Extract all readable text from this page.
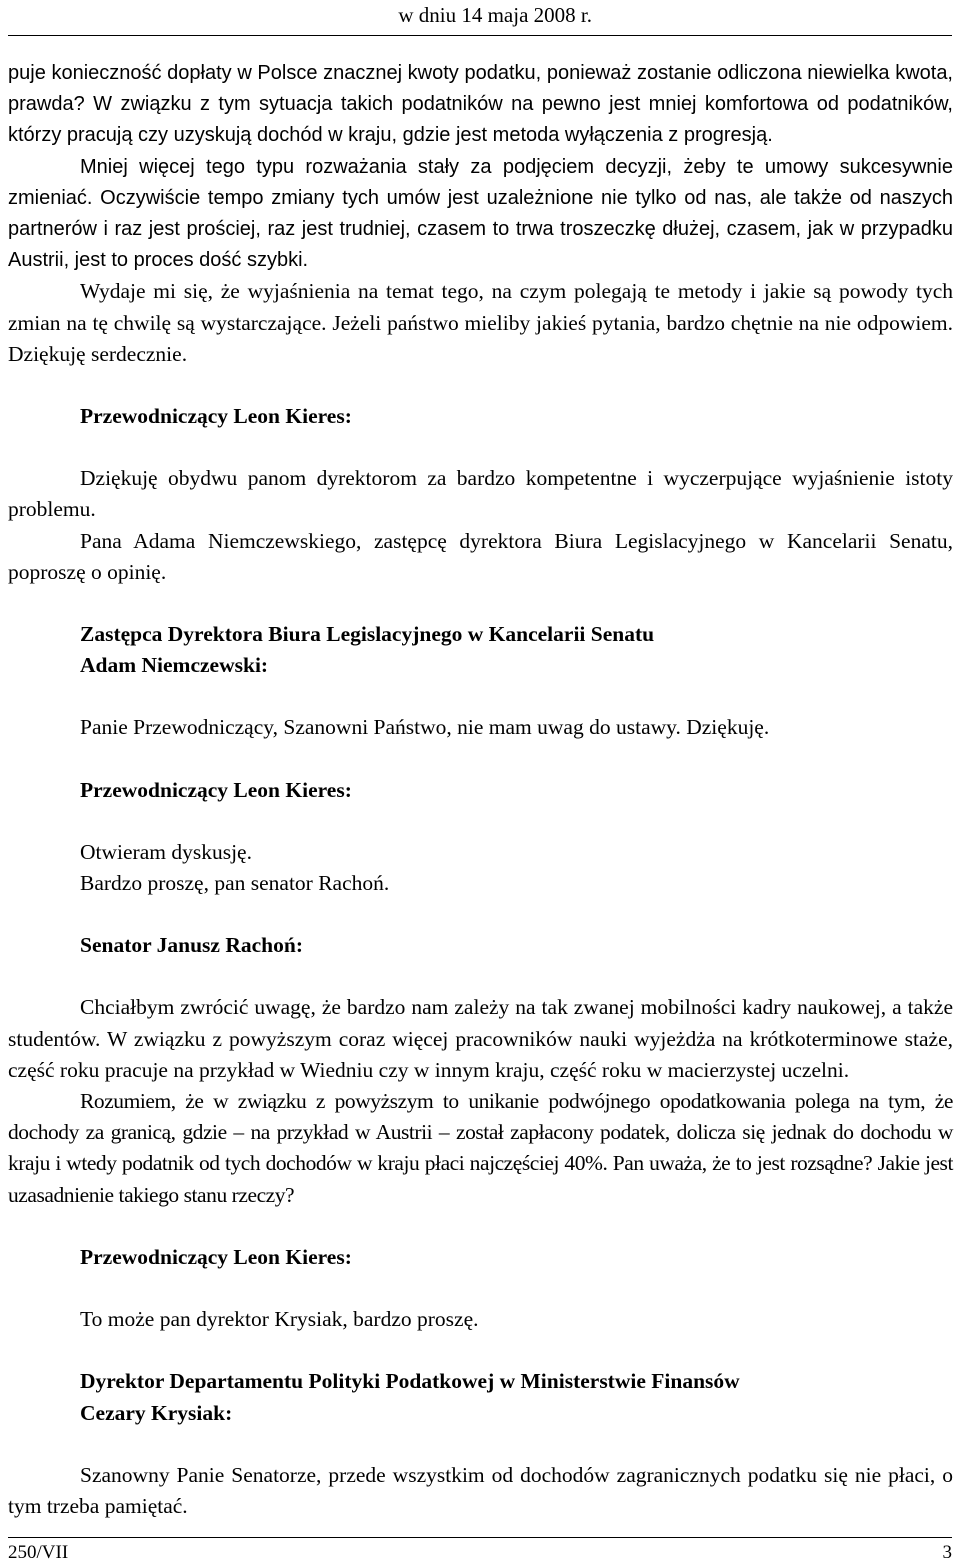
w dniu 14 maja 2008 r.

puje konieczność dopłaty w Polsce znacznej kwoty podatku, ponieważ zostanie odliczona niewielka kwota, prawda? W związku z tym sytuacja takich podatników na pewno jest mniej komfortowa od podatników, którzy pracują czy uzyskują dochód w kraju, gdzie jest metoda wyłączenia z progresją.

Mniej więcej tego typu rozważania stały za podjęciem decyzji, żeby te umowy sukcesywnie zmieniać. Oczywiście tempo zmiany tych umów jest uzależnione nie tylko od nas, ale także od naszych partnerów i raz jest prościej, raz jest trudniej, czasem to trwa troszeczkę dłużej, czasem, jak w przypadku Austrii, jest to proces dość szybki.

Wydaje mi się, że wyjaśnienia na temat tego, na czym polegają te metody i jakie są powody tych zmian na tę chwilę są wystarczające. Jeżeli państwo mieliby jakieś pytania, bardzo chętnie na nie odpowiem. Dziękuję serdecznie.

Przewodniczący Leon Kieres:

Dziękuję obydwu panom dyrektorom za bardzo kompetentne i wyczerpujące wyjaśnienie istoty problemu.

Pana Adama Niemczewskiego, zastępcę dyrektora Biura Legislacyjnego w Kancelarii Senatu, poproszę o opinię.

Zastępca Dyrektora Biura Legislacyjnego w Kancelarii Senatu
Adam Niemczewski:

Panie Przewodniczący, Szanowni Państwo, nie mam uwag do ustawy. Dziękuję.

Przewodniczący Leon Kieres:

Otwieram dyskusję.

Bardzo proszę, pan senator Rachoń.

Senator Janusz Rachoń:

Chciałbym zwrócić uwagę, że bardzo nam zależy na tak zwanej mobilności kadry naukowej, a także studentów. W związku z powyższym coraz więcej pracowników nauki wyjeżdża na krótkoterminowe staże, część roku pracuje na przykład w Wiedniu czy w innym kraju, część roku w macierzystej uczelni.

Rozumiem, że w związku z powyższym to unikanie podwójnego opodatkowania polega na tym, że dochody za granicą, gdzie – na przykład w Austrii – został zapłacony podatek, dolicza się jednak do dochodu w kraju i wtedy podatnik od tych dochodów w kraju płaci najczęściej 40%. Pan uważa, że to jest rozsądne? Jakie jest uzasadnienie takiego stanu rzeczy?

Przewodniczący Leon Kieres:

To może pan dyrektor Krysiak, bardzo proszę.

Dyrektor Departamentu Polityki Podatkowej w Ministerstwie Finansów
Cezary Krysiak:

Szanowny Panie Senatorze, przede wszystkim od dochodów zagranicznych podatku się nie płaci, o tym trzeba pamiętać.

250/VII	3
